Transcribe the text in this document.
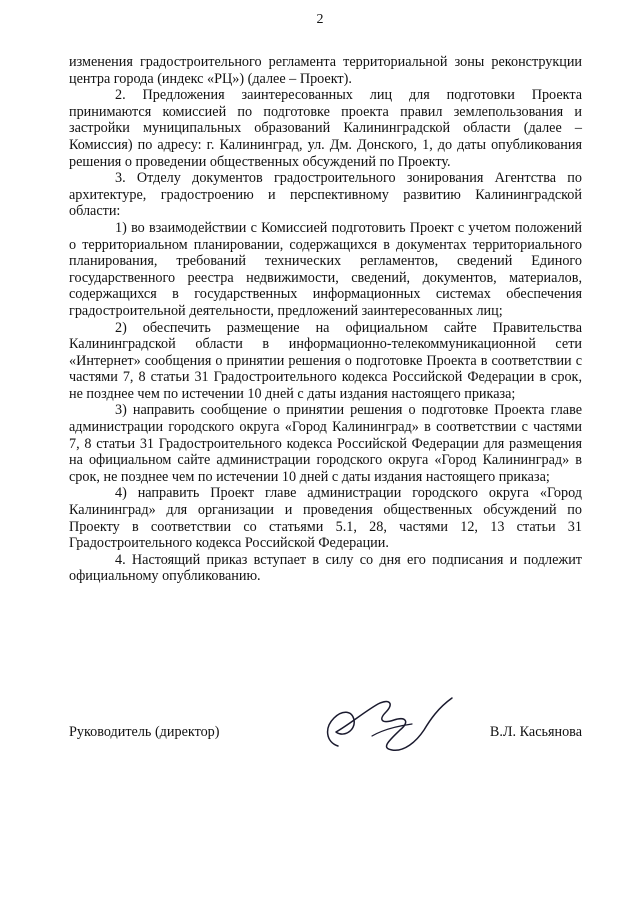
2

изменения градостроительного регламента территориальной зоны реконструкции центра города (индекс «РЦ») (далее – Проект).

2. Предложения заинтересованных лиц для подготовки Проекта принимаются комиссией по подготовке проекта правил землепользования и застройки муниципальных образований Калининградской области (далее – Комиссия) по адресу: г. Калининград, ул. Дм. Донского, 1, до даты опубликования решения о проведении общественных обсуждений по Проекту.

3. Отделу документов градостроительного зонирования Агентства по архитектуре, градостроению и перспективному развитию Калининградской области:

1) во взаимодействии с Комиссией подготовить Проект с учетом положений о территориальном планировании, содержащихся в документах территориального планирования, требований технических регламентов, сведений Единого государственного реестра недвижимости, сведений, документов, материалов, содержащихся в государственных информационных системах обеспечения градостроительной деятельности, предложений заинтересованных лиц;

2) обеспечить размещение на официальном сайте Правительства Калининградской области в информационно-телекоммуникационной сети «Интернет» сообщения о принятии решения о подготовке Проекта в соответствии с частями 7, 8 статьи 31 Градостроительного кодекса Российской Федерации в срок, не позднее чем по истечении 10 дней с даты издания настоящего приказа;

3) направить сообщение о принятии решения о подготовке Проекта главе администрации городского округа «Город Калининград» в соответствии с частями 7, 8 статьи 31 Градостроительного кодекса Российской Федерации для размещения на официальном сайте администрации городского округа «Город Калининград» в срок, не позднее чем по истечении 10 дней с даты издания настоящего приказа;

4) направить Проект главе администрации городского округа «Город Калининград» для организации и проведения общественных обсуждений по Проекту в соответствии со статьями 5.1, 28, частями 12, 13 статьи 31 Градостроительного кодекса Российской Федерации.

4. Настоящий приказ вступает в силу со дня его подписания и подлежит официальному опубликованию.

Руководитель (директор)	В.Л. Касьянова
